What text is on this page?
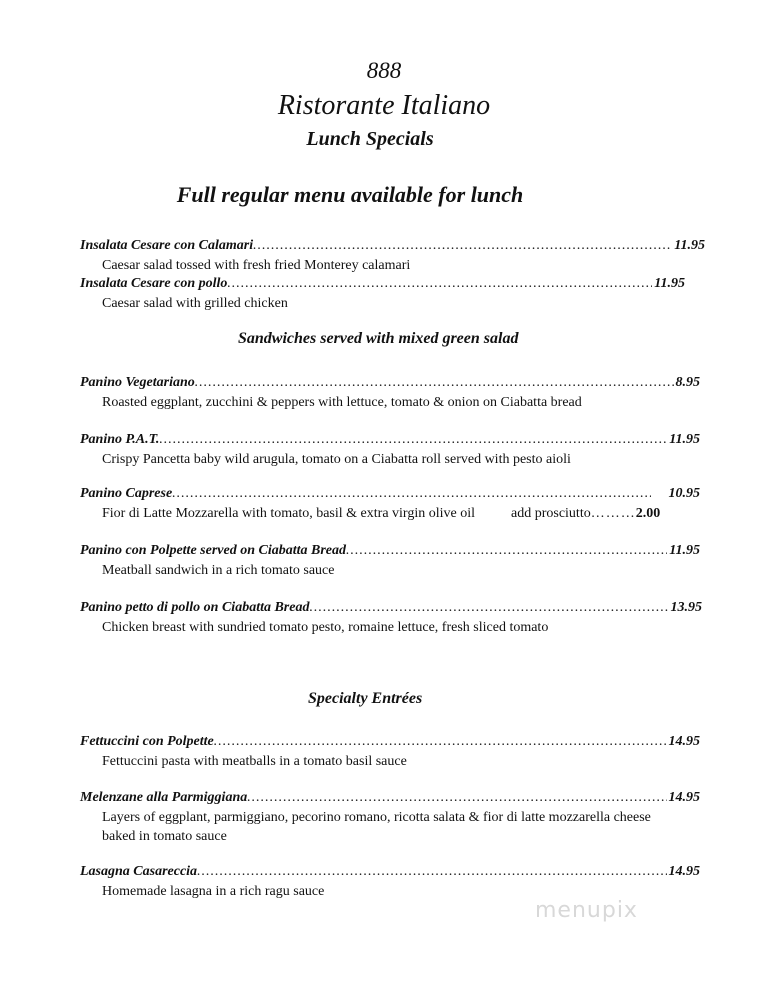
888
Ristorante Italiano
Lunch Specials
Full regular menu available for lunch
Insalata Cesare con Calamari .....	11.95
Caesar salad tossed with fresh fried Monterey calamari
Insalata Cesare con pollo .....	11.95
Caesar salad with grilled chicken
Sandwiches served with mixed green salad
Panino Vegetariano .....	8.95
Roasted eggplant, zucchini & peppers with lettuce, tomato & onion on Ciabatta bread
Panino P.A.T. .....	11.95
Crispy Pancetta baby wild arugula, tomato on a Ciabatta roll served with pesto aioli
Panino Caprese .....	10.95
Fior di Latte Mozzarella with tomato, basil & extra virgin olive oil	add prosciutto ……… 2.00
Panino con Polpette served on Ciabatta Bread .....	11.95
Meatball sandwich in a rich tomato sauce
Panino petto di pollo on Ciabatta Bread .....	13.95
Chicken breast with sundried tomato pesto, romaine lettuce, fresh sliced tomato
Specialty Entrées
Fettuccini con Polpette .....	14.95
Fettuccini pasta with meatballs in a tomato basil sauce
Melenzane alla Parmiggiana .....	14.95
Layers of eggplant, parmiggiano, pecorino romano, ricotta salata & fior di latte mozzarella cheese
baked in tomato sauce
Lasagna Casareccia .....	14.95
Homemade lasagna in a rich ragu sauce
menupix
